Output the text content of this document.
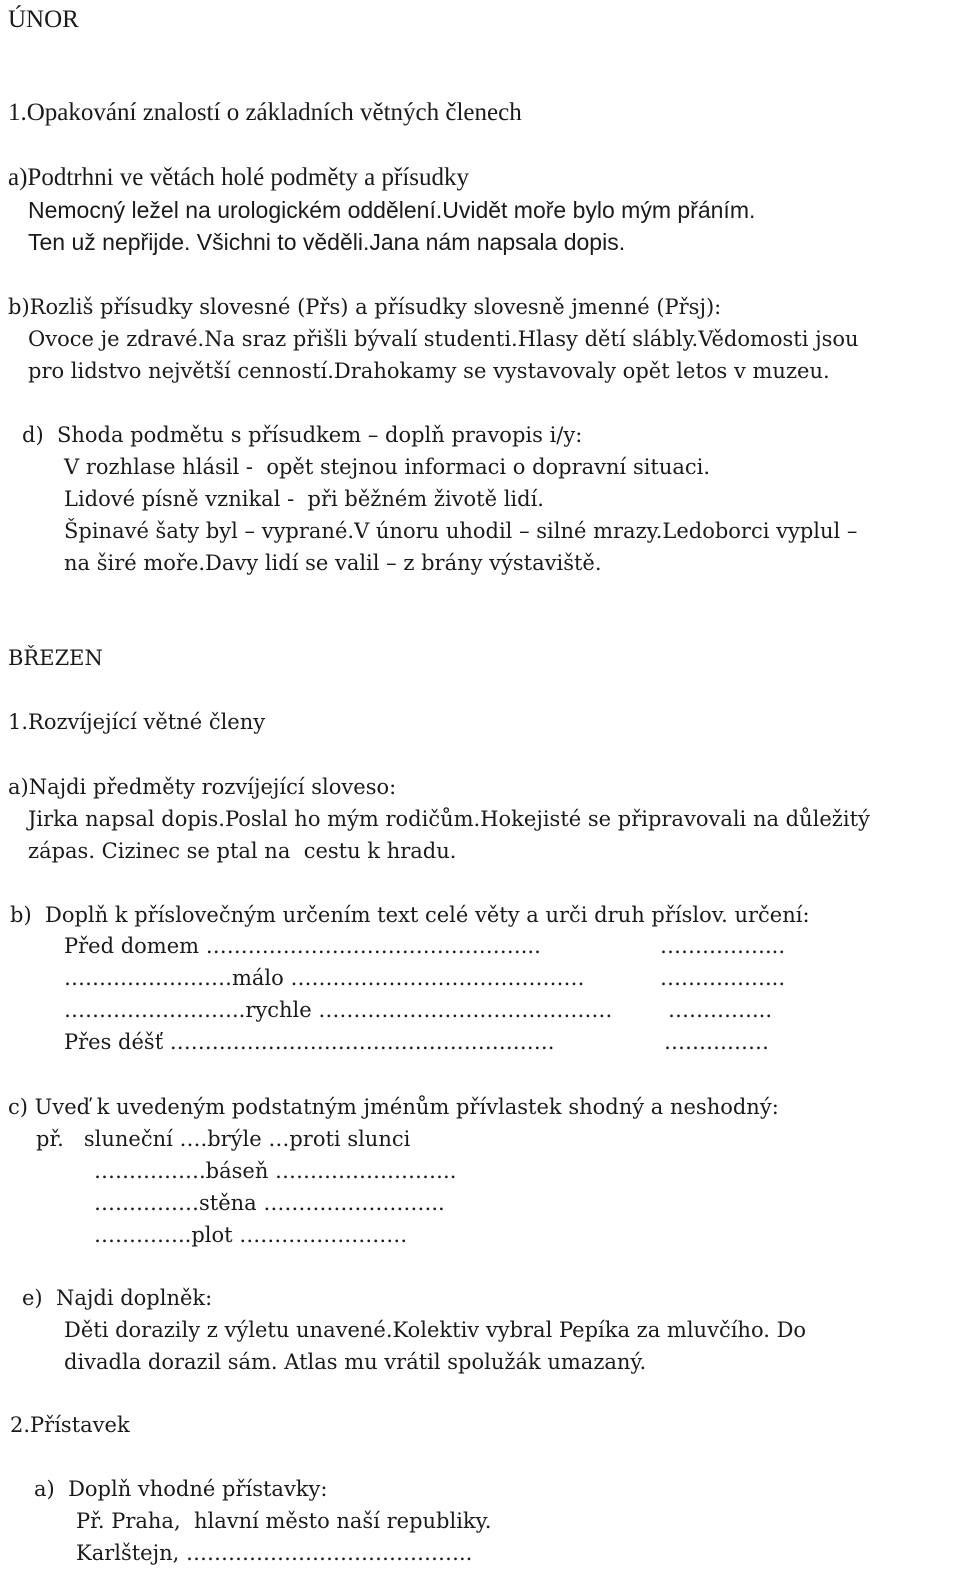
ÚNOR
1.Opakování znalostí o základních větných členech
a)Podtrhni ve větách holé podměty a přísudky
Nemocný ležel na urologickém oddělení.Uvidět moře bylo mým přáním.
Ten už nepřijde. Všichni to věděli.Jana nám napsala dopis.
b)Rozliš přísudky slovesné (Přs) a přísudky slovesně jmenné (Přsj):
Ovoce je zdravé.Na sraz přišli bývalí studenti.Hlasy dětí slábly.Vědomosti jsou
pro lidstvo největší cenností.Drahokamy se vystavovaly opět letos v muzeu.
d)  Shoda podmětu s přísudkem – doplň pravopis i/y:
V rozhlase hlásil -  opět stejnou informaci o dopravní situaci.
Lidové písně vznikal -  při běžném životě lidí.
Špinavé šaty byl – vyprané.V únoru uhodil – silné mrazy.Ledoborci vyplul –
na širé moře.Davy lidí se valil – z brány výstaviště.
BŘEZEN
1.Rozvíjející větné členy
a)Najdi předměty rozvíjející sloveso:
Jirka napsal dopis.Poslal ho mým rodičům.Hokejisté se připravovali na důležitý
zápas. Cizinec se ptal na  cestu k hradu.
b)  Doplň k příslovečným určením text celé věty a urči druh příslov. určení:
Před domem ………………………………………...	……………...
……………………málo ……………………………………	……………...
……………………..rychle ……………………………………	…………...
Přes déšť ……………………………………………….	……………
c) Uveď k uvedeným podstatným jménům přívlastek shodný a neshodný:
př.   sluneční ….brýle …proti slunci
…………….báseň ……………………..
……………stěna ……………………..
…………..plot ……………………
e)  Najdi doplněk:
Děti dorazily z výletu unavené.Kolektiv vybral Pepíka za mluvčího. Do
divadla dorazil sám. Atlas mu vrátil spolužák umazaný.
2.Přístavek
a)  Doplň vhodné přístavky:
Př. Praha,  hlavní město naší republiky.
Karlštejn, …………………………………..
